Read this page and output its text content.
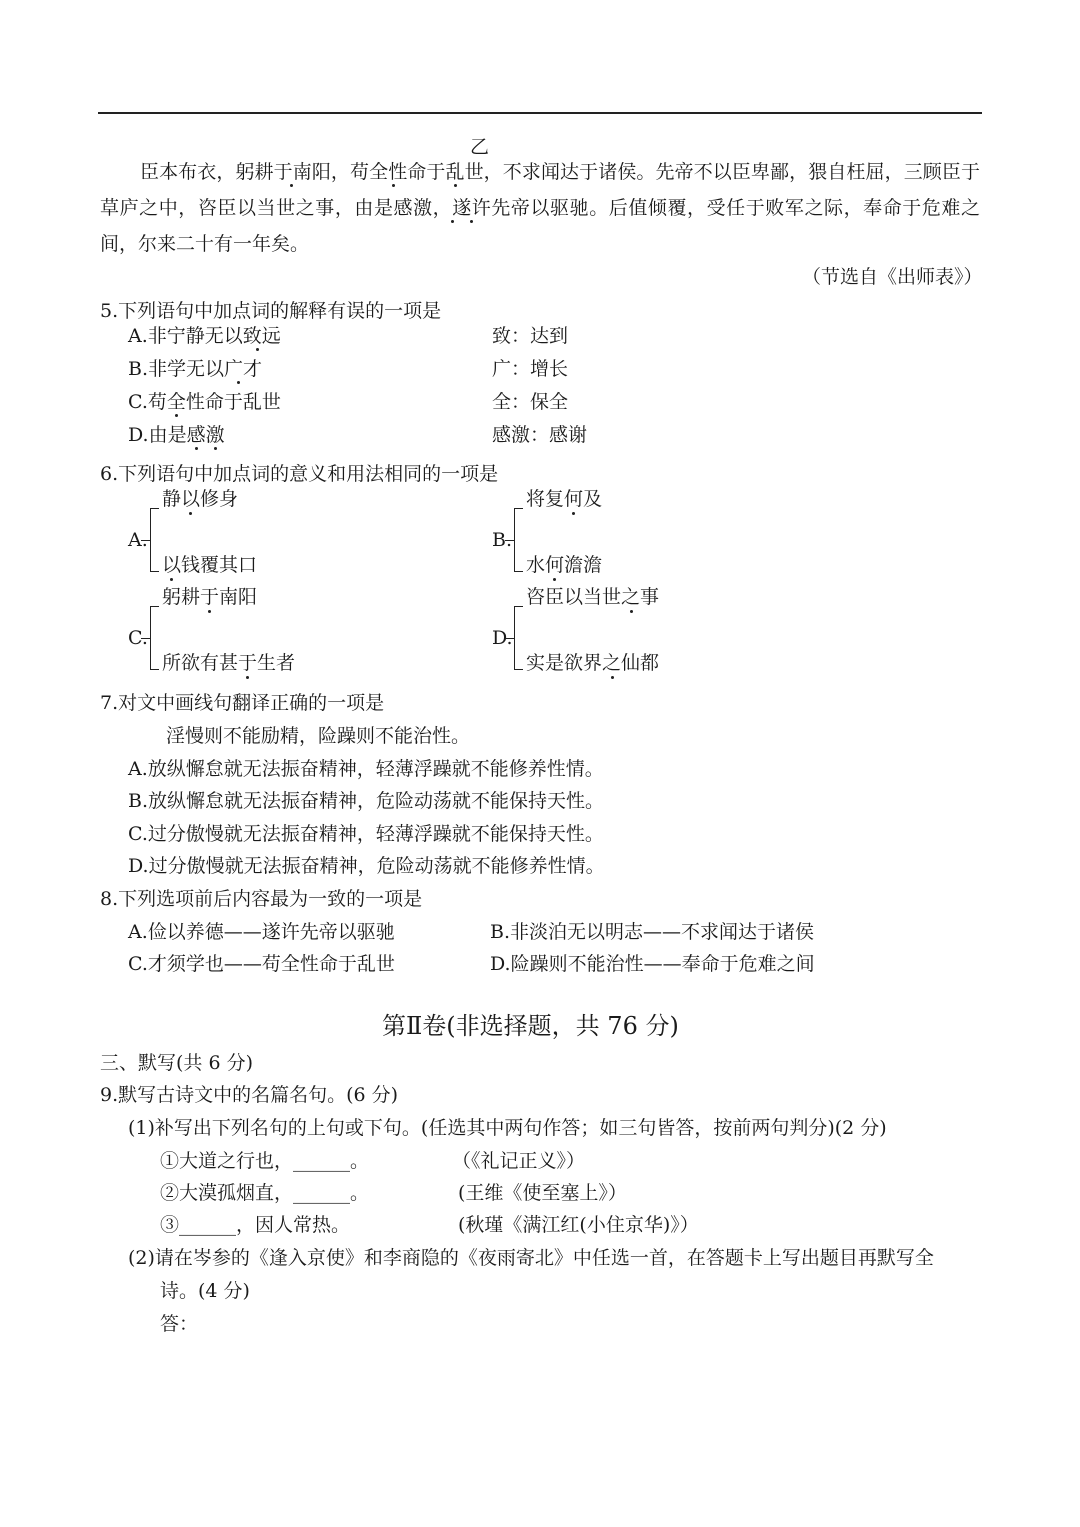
乙
臣本布衣，躬耕于南阳，苟全性命于乱世，不求闻达于诸侯。先帝不以臣卑鄙，猥自枉屈，三顾臣于草庐之中，咨臣以当世之事，由是感激，遂许先帝以驱驰。后值倾覆，受任于败军之际，奉命于危难之间，尔来二十有一年矣。
（节选自《出师表》）
5.下列语句中加点词的解释有误的一项是
A.非宁静无以致远	致：达到
B.非学无以广才	广：增长
C.苟全性命于乱世	全：保全
D.由是感激	感激：感谢
6.下列语句中加点词的意义和用法相同的一项是
A.
静以修身
以钱覆其口
B.
将复何及
水何澹澹
C.
躬耕于南阳
所欲有甚于生者
D.
咨臣以当世之事
实是欲界之仙都
7.对文中画线句翻译正确的一项是
淫慢则不能励精，险躁则不能治性。
A.放纵懈怠就无法振奋精神，轻薄浮躁就不能修养性情。
B.放纵懈怠就无法振奋精神，危险动荡就不能保持天性。
C.过分傲慢就无法振奋精神，轻薄浮躁就不能保持天性。
D.过分傲慢就无法振奋精神，危险动荡就不能修养性情。
8.下列选项前后内容最为一致的一项是
A.俭以养德——遂许先帝以驱驰	B.非淡泊无以明志——不求闻达于诸侯
C.才须学也——苟全性命于乱世	D.险躁则不能治性——奉命于危难之间
第Ⅱ卷(非选择题，共 76 分)
三、默写(共 6 分)
9.默写古诗文中的名篇名句。(6 分)
(1)补写出下列名句的上句或下句。(任选其中两句作答；如三句皆答，按前两句判分)(2 分)
①大道之行也，______。	（《礼记正义》）
②大漠孤烟直，______。	(王维《使至塞上》）
③______，因人常热。	(秋瑾《满江红(小住京华)》）
(2)请在岑参的《逢入京使》和李商隐的《夜雨寄北》中任选一首，在答题卡上写出题目再默写全
诗。(4 分)
答：
